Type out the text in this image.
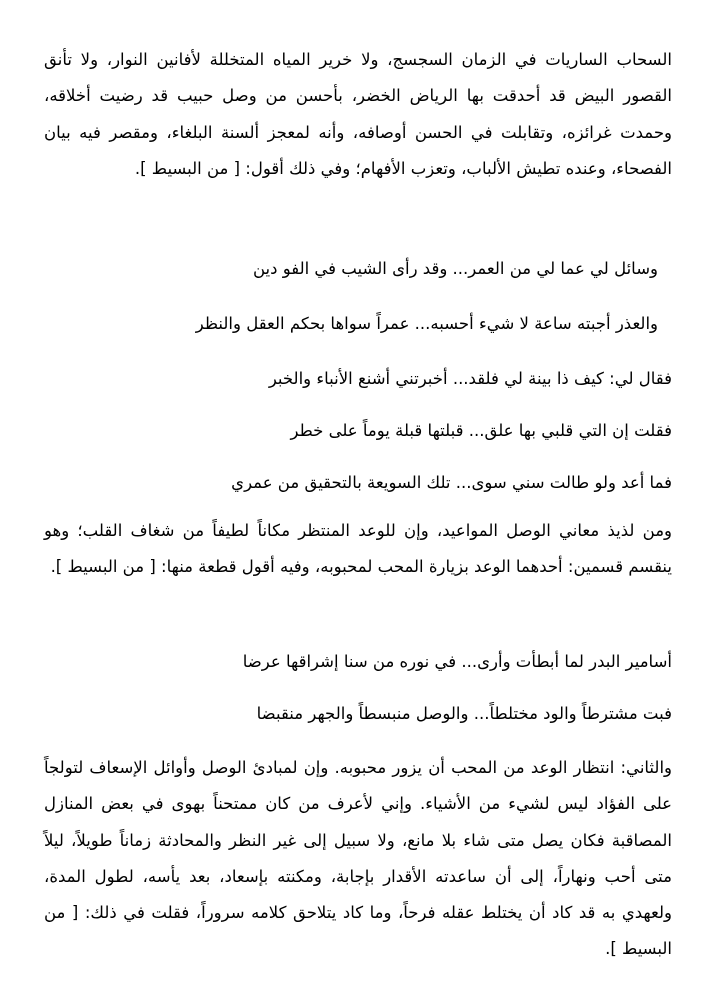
السحاب الساريات في الزمان السجسج، ولا خرير المياه المتخللة لأفانين النوار، ولا تأنق القصور البيض قد أحدقت بها الرياض الخضر، بأحسن من وصل حبيب قد رضيت أخلاقه، وحمدت غرائزه، وتقابلت في الحسن أوصافه، وأنه لمعجز ألسنة البلغاء، ومقصر فيه بيان الفصحاء، وعنده تطيش الألباب، وتعزب الأفهام؛ وفي ذلك أقول: [ من البسيط ].

وسائل لي عما لي من العمر... وقد رأى الشيب في الفو دين
والعذر أجبته ساعة لا شيء أحسبه... عمراً سواها بحكم العقل والنظر
فقال لي: كيف ذا بينة لي فلقد... أخبرتني أشنع الأنباء والخبر
فقلت إن التي قلبي بها علق... قبلتها قبلة يوماً على خطر
فما أعد ولو طالت سني سوى... تلك السويعة بالتحقيق من عمري

ومن لذيذ معاني الوصل المواعيد، وإن للوعد المنتظر مكاناً لطيفاً من شغاف القلب؛ وهو ينقسم قسمين: أحدهما الوعد بزيارة المحب لمحبوبه، وفيه أقول قطعة منها: [ من البسيط ].

أسامير البدر لما أبطأت وأرى... في نوره من سنا إشراقها عرضا
فبت مشترطاً والود مختلطاً... والوصل منبسطاً والجهر منقبضا

والثاني: انتظار الوعد من المحب أن يزور محبوبه. وإن لمبادئ الوصل وأوائل الإسعاف لتولجاً على الفؤاد ليس لشيء من الأشياء. وإني لأعرف من كان ممتحناً بهوى في بعض المنازل المصاقبة فكان يصل متى شاء بلا مانع، ولا سبيل إلى غير النظر والمحادثة زماناً طويلاً، ليلاً متى أحب ونهاراً، إلى أن ساعدته الأقدار بإجابة، ومكنته بإسعاد، بعد يأسه، لطول المدة، ولعهدي به قد كاد أن يختلط عقله فرحاً، وما كاد يتلاحق كلامه سروراً، فقلت في ذلك: [ من البسيط ].
